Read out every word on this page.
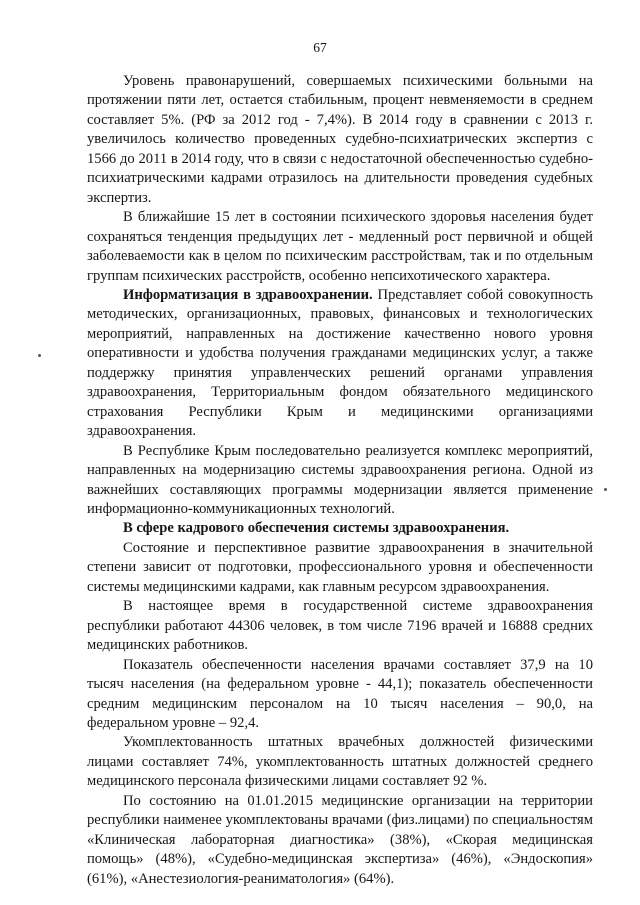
67

Уровень правонарушений, совершаемых психическими больными на протяжении пяти лет, остается стабильным, процент невменяемости в среднем составляет 5%. (РФ за 2012 год - 7,4%). В 2014 году в сравнении с 2013 г. увеличилось количество проведенных судебно-психиатрических экспертиз с 1566 до 2011 в 2014 году, что в связи с недостаточной обеспеченностью судебно-психиатрическими кадрами отразилось на длительности проведения судебных экспертиз.

В ближайшие 15 лет в состоянии психического здоровья населения будет сохраняться тенденция предыдущих лет - медленный рост первичной и общей заболеваемости как в целом по психическим расстройствам, так и по отдельным группам психических расстройств, особенно непсихотического характера.

Информатизация в здравоохранении. Представляет собой совокупность методических, организационных, правовых, финансовых и технологических мероприятий, направленных на достижение качественно нового уровня оперативности и удобства получения гражданами медицинских услуг, а также поддержку принятия управленческих решений органами управления здравоохранения, Территориальным фондом обязательного медицинского страхования Республики Крым и медицинскими организациями здравоохранения.

В Республике Крым последовательно реализуется комплекс мероприятий, направленных на модернизацию системы здравоохранения региона. Одной из важнейших составляющих программы модернизации является применение информационно-коммуникационных технологий.

В сфере кадрового обеспечения системы здравоохранения.

Состояние и перспективное развитие здравоохранения в значительной степени зависит от подготовки, профессионального уровня и обеспеченности системы медицинскими кадрами, как главным ресурсом здравоохранения.

В настоящее время в государственной системе здравоохранения республики работают 44306 человек, в том числе 7196 врачей и 16888 средних медицинских работников.

Показатель обеспеченности населения врачами составляет 37,9 на 10 тысяч населения (на федеральном уровне - 44,1); показатель обеспеченности средним медицинским персоналом на 10 тысяч населения – 90,0, на федеральном уровне – 92,4.

Укомплектованность штатных врачебных должностей физическими лицами составляет 74%, укомплектованность штатных должностей среднего медицинского персонала физическими лицами составляет 92 %.

По состоянию на 01.01.2015 медицинские организации на территории республики наименее укомплектованы врачами (физ.лицами) по специальностям «Клиническая лабораторная диагностика» (38%), «Скорая медицинская помощь» (48%), «Судебно-медицинская экспертиза» (46%), «Эндоскопия» (61%), «Анестезиология-реаниматология» (64%).
